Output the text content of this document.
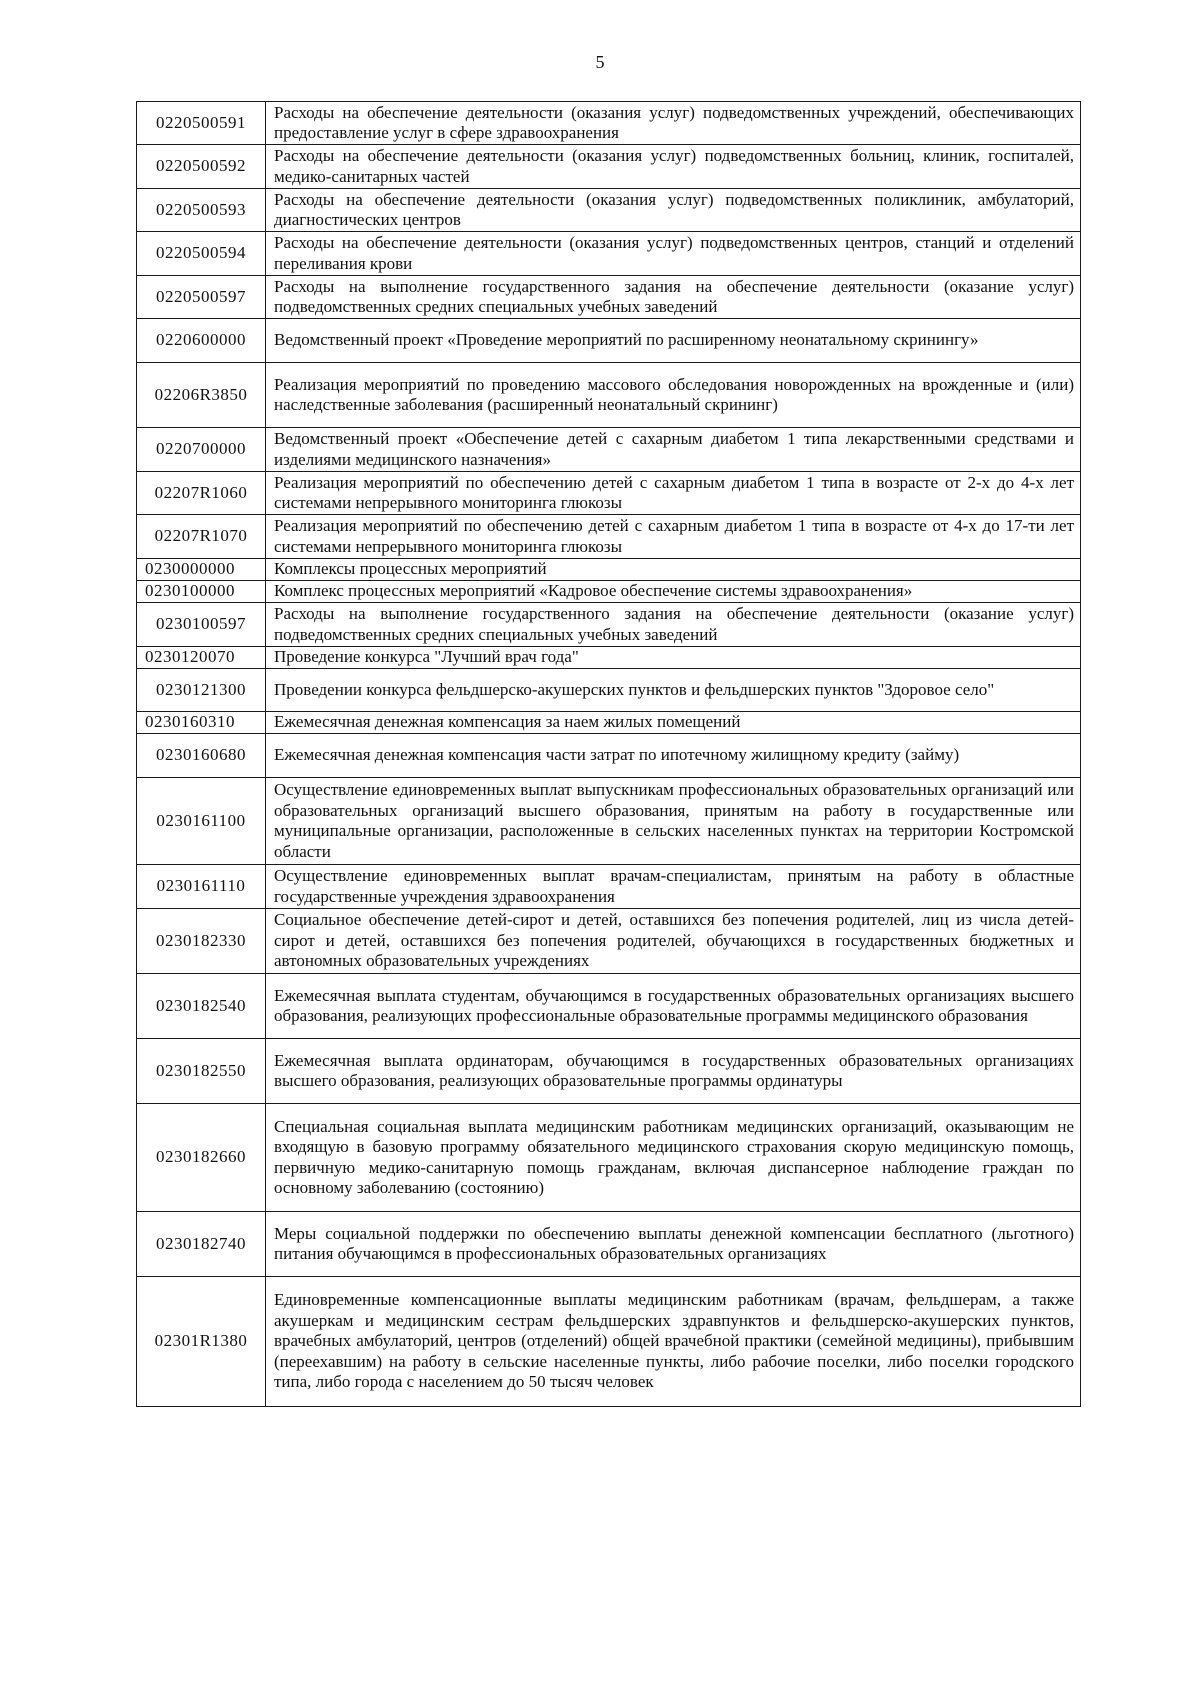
5
0220500591	Расходы на обеспечение деятельности (оказания услуг) подведомственных учреждений, обеспечивающих предоставление услуг в сфере здравоохранения
0220500592	Расходы на обеспечение деятельности (оказания услуг) подведомственных больниц, клиник, госпиталей, медико-санитарных частей
0220500593	Расходы на обеспечение деятельности (оказания услуг) подведомственных поликлиник, амбулаторий, диагностических центров
0220500594	Расходы на обеспечение деятельности (оказания услуг) подведомственных центров, станций и отделений переливания крови
0220500597	Расходы на выполнение государственного задания на обеспечение деятельности (оказание услуг) подведомственных средних специальных учебных заведений
0220600000	Ведомственный проект «Проведение мероприятий по расширенному неонатальному скринингу»
02206R3850	Реализация мероприятий по проведению массового обследования новорожденных на врожденные и (или) наследственные заболевания (расширенный неонатальный скрининг)
0220700000	Ведомственный проект «Обеспечение детей с сахарным диабетом 1 типа лекарственными средствами и изделиями медицинского назначения»
02207R1060	Реализация мероприятий по обеспечению детей с сахарным диабетом 1 типа в возрасте от 2-х до 4-х лет системами непрерывного мониторинга глюкозы
02207R1070	Реализация мероприятий по обеспечению детей с сахарным диабетом 1 типа в возрасте от 4-х до 17-ти лет системами непрерывного мониторинга глюкозы
0230000000	Комплексы процессных мероприятий
0230100000	Комплекс процессных мероприятий «Кадровое обеспечение системы здравоохранения»
0230100597	Расходы на выполнение государственного задания на обеспечение деятельности (оказание услуг) подведомственных средних специальных учебных заведений
0230120070	Проведение конкурса "Лучший врач года"
0230121300	Проведении конкурса фельдшерско-акушерских пунктов и фельдшерских пунктов "Здоровое село"
0230160310	Ежемесячная денежная компенсация за наем жилых помещений
0230160680	Ежемесячная денежная компенсация части затрат по ипотечному жилищному кредиту (займу)
0230161100	Осуществление единовременных выплат выпускникам профессиональных образовательных организаций или образовательных организаций высшего образования, принятым на работу в государственные или муниципальные организации, расположенные в сельских населенных пунктах на территории Костромской области
0230161110	Осуществление единовременных выплат врачам-специалистам, принятым на работу в областные государственные учреждения здравоохранения
0230182330	Социальное обеспечение детей-сирот и детей, оставшихся без попечения родителей, лиц из числа детей-сирот и детей, оставшихся без попечения родителей, обучающихся в государственных бюджетных и автономных образовательных учреждениях
0230182540	Ежемесячная выплата студентам, обучающимся в государственных образовательных организациях высшего образования, реализующих профессиональные образовательные программы медицинского образования
0230182550	Ежемесячная выплата ординаторам, обучающимся в государственных образовательных организациях высшего образования, реализующих образовательные программы ординатуры
0230182660	Специальная социальная выплата медицинским работникам медицинских организаций, оказывающим не входящую в базовую программу обязательного медицинского страхования скорую медицинскую помощь, первичную медико-санитарную помощь гражданам, включая диспансерное наблюдение граждан по основному заболеванию (состоянию)
0230182740	Меры социальной поддержки по обеспечению выплаты денежной компенсации бесплатного (льготного) питания обучающимся в профессиональных образовательных организациях
02301R1380	Единовременные компенсационные выплаты медицинским работникам (врачам, фельдшерам, а также акушеркам и медицинским сестрам фельдшерских здравпунктов и фельдшерско-акушерских пунктов, врачебных амбулаторий, центров (отделений) общей врачебной практики (семейной медицины), прибывшим (переехавшим) на работу в сельские населенные пункты, либо рабочие поселки, либо поселки городского типа, либо города с населением до 50 тысяч человек
